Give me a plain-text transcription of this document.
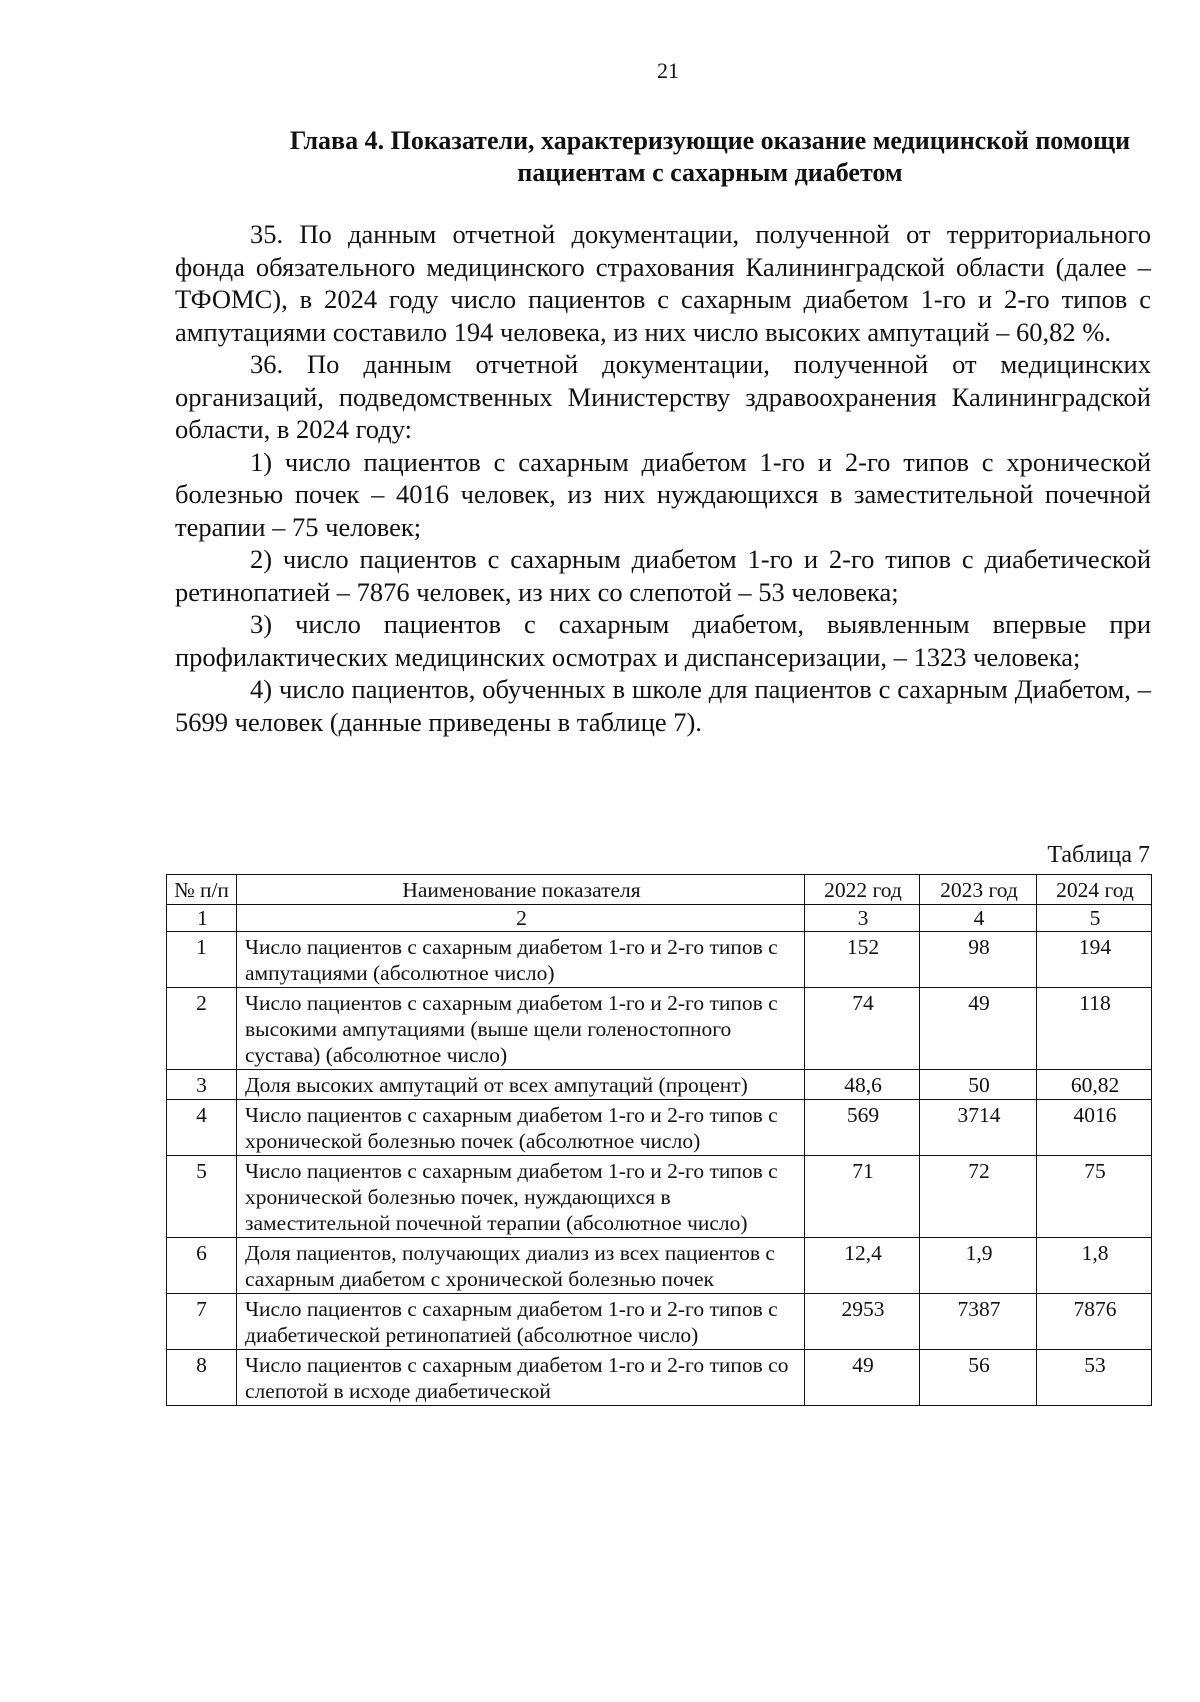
21
Глава 4. Показатели, характеризующие оказание медицинской помощи пациентам с сахарным диабетом

35. По данным отчетной документации, полученной от территориального фонда обязательного медицинского страхования Калининградской области (далее – ТФОМС), в 2024 году число пациентов с сахарным диабетом 1-го и 2-го типов с ампутациями составило 194 человека, из них число высоких ампутаций – 60,82 %.

36. По данным отчетной документации, полученной от медицинских организаций, подведомственных Министерству здравоохранения Калининградской области, в 2024 году:

1) число пациентов с сахарным диабетом 1-го и 2-го типов с хронической болезнью почек – 4016 человек, из них нуждающихся в заместительной почечной терапии – 75 человек;

2) число пациентов с сахарным диабетом 1-го и 2-го типов с диабетической ретинопатией – 7876 человек, из них со слепотой – 53 человека;

3) число пациентов с сахарным диабетом, выявленным впервые при профилактических медицинских осмотрах и диспансеризации, – 1323 человека;

4) число пациентов, обученных в школе для пациентов с сахарным Диабетом, – 5699 человек (данные приведены в таблице 7).

Таблица 7
№ п/п	Наименование показателя	2022 год	2023 год	2024 год
1	2	3	4	5
1	Число пациентов с сахарным диабетом 1-го и 2-го типов с ампутациями (абсолютное число)	152	98	194
2	Число пациентов с сахарным диабетом 1-го и 2-го типов с высокими ампутациями (выше щели голеностопного сустава) (абсолютное число)	74	49	118
3	Доля высоких ампутаций от всех ампутаций (процент)	48,6	50	60,82
4	Число пациентов с сахарным диабетом 1-го и 2-го типов с хронической болезнью почек (абсолютное число)	569	3714	4016
5	Число пациентов с сахарным диабетом 1-го и 2-го типов с хронической болезнью почек, нуждающихся в заместительной почечной терапии (абсолютное число)	71	72	75
6	Доля пациентов, получающих диализ из всех пациентов с сахарным диабетом с хронической болезнью почек	12,4	1,9	1,8
7	Число пациентов с сахарным диабетом 1-го и 2-го типов с диабетической ретинопатией (абсолютное число)	2953	7387	7876
8	Число пациентов с сахарным диабетом 1-го и 2-го типов со слепотой в исходе диабетической	49	56	53
